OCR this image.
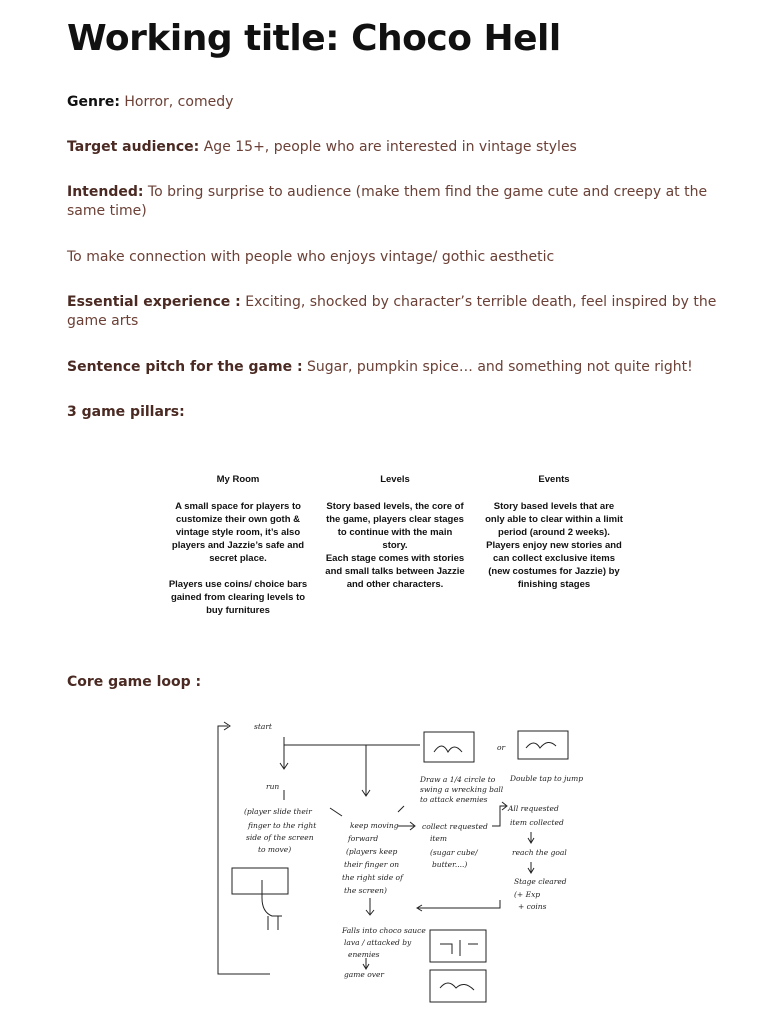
Working title: Choco Hell

Genre: Horror, comedy

Target audience: Age 15+, people who are interested in vintage styles

Intended: To bring surprise to audience (make them find the game cute and creepy at the same time)

To make connection with people who enjoys vintage/ gothic aesthetic

Essential experience : Exciting, shocked by character’s terrible death, feel inspired by the game arts

Sentence pitch for the game : Sugar, pumpkin spice… and something not quite right!

3 game pillars:

My Room
A small space for players to customize their own goth & vintage style room, it’s also players and Jazzie’s safe and secret place.

Players use coins/ choice bars gained from clearing levels to buy furnitures
Levels
Story based levels, the core of the game, players clear stages to continue with the main story.
Each stage comes with stories and small talks between Jazzie and other characters.
Events
Story based levels that are only able to clear within a limit period (around 2 weeks). Players enjoy new stories and can collect exclusive items (new costumes for Jazzie) by finishing stages

Core game loop :

start
run
(player slide their
finger to the right
side of the screen
to move)
keep moving
forward
(players keep
their finger on
the right side of
the screen)
collect requested
item
(sugar cube/
butter....)
Draw a 1/4 circle to
swing a wrecking ball
to attack enemies
or
Double tap to jump
All requested
item collected
reach the goal
Stage cleared
(+ Exp
+ coins
Falls into choco sauce
lava / attacked by
enemies
game over
